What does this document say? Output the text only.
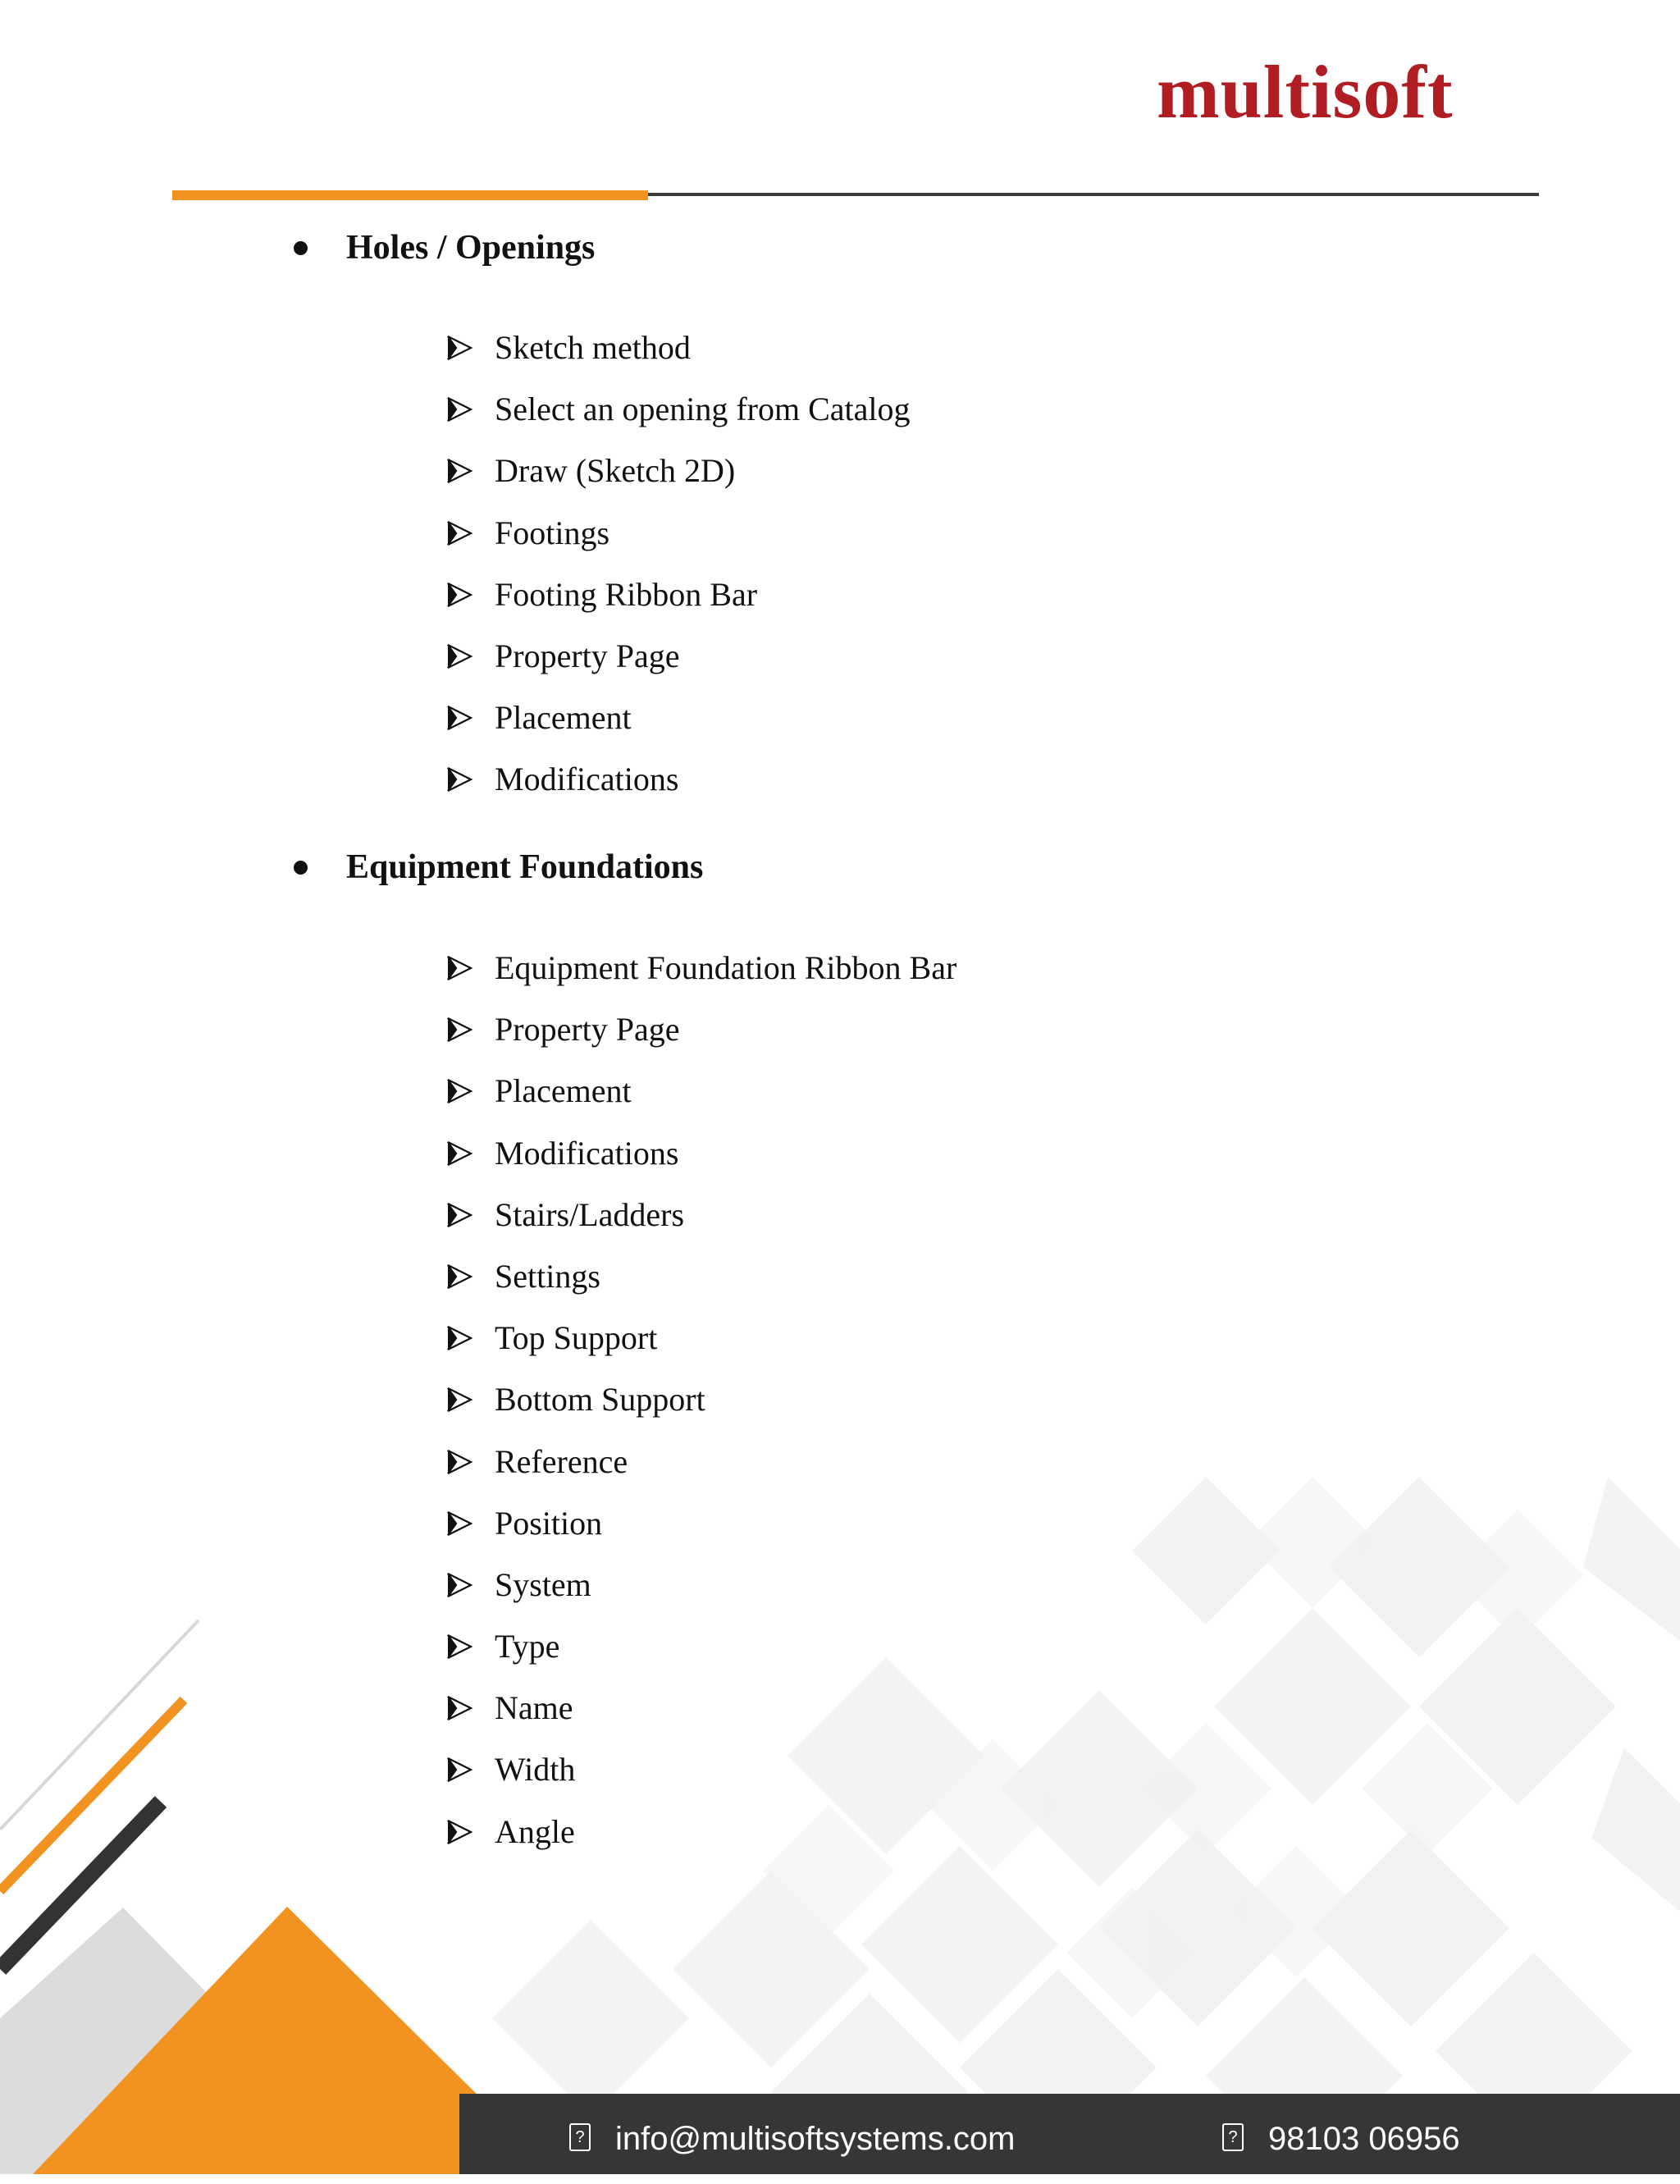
multisoft
Holes / Openings
Sketch method
Select an opening from Catalog
Draw (Sketch 2D)
Footings
Footing Ribbon Bar
Property Page
Placement
Modifications
Equipment Foundations
Equipment Foundation Ribbon Bar
Property Page
Placement
Modifications
Stairs/Ladders
Settings
Top Support
Bottom Support
Reference
Position
System
Type
Name
Width
Angle
?info@multisoftsystems.com
?	98103 06956
